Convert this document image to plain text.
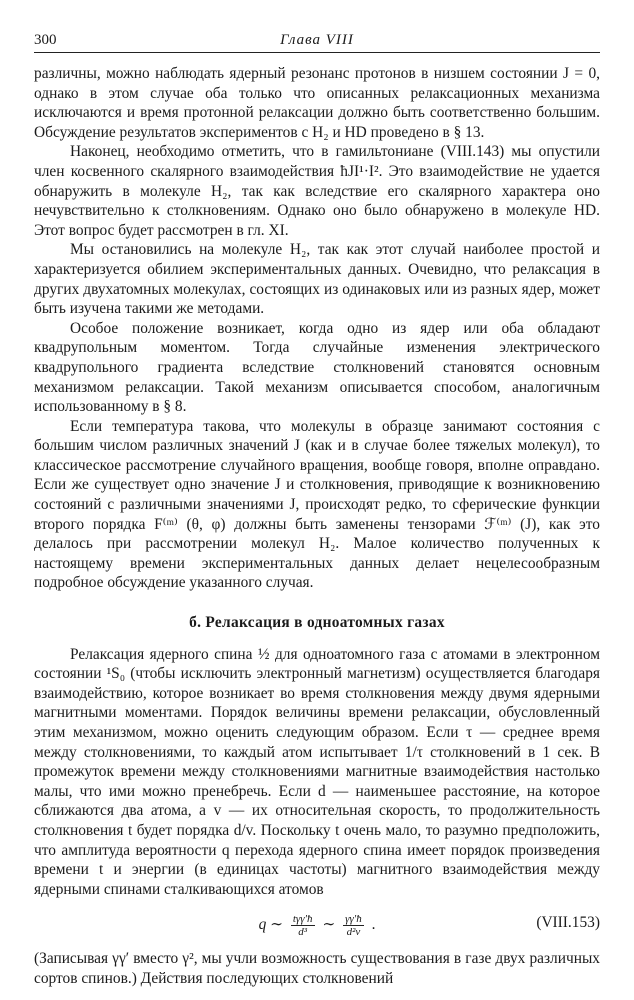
300	Глава VIII

различны, можно наблюдать ядерный резонанс протонов в низшем состоянии J = 0, однако в этом случае оба только что описанных релаксационных механизма исключаются и время протонной релаксации должно быть соответственно большим. Обсуждение результатов экспериментов с H₂ и HD проведено в § 13.

Наконец, необходимо отметить, что в гамильтониане (VIII.143) мы опустили член косвенного скалярного взаимодействия ħJI¹·I². Это взаимодействие не удается обнаружить в молекуле H₂, так как вследствие его скалярного характера оно нечувствительно к столкновениям. Однако оно было обнаружено в молекуле HD. Этот вопрос будет рассмотрен в гл. XI.

Мы остановились на молекуле H₂, так как этот случай наиболее простой и характеризуется обилием экспериментальных данных. Очевидно, что релаксация в других двухатомных молекулах, состоящих из одинаковых или из разных ядер, может быть изучена такими же методами.

Особое положение возникает, когда одно из ядер или оба обладают квадрупольным моментом. Тогда случайные изменения электрического квадрупольного градиента вследствие столкновений становятся основным механизмом релаксации. Такой механизм описывается способом, аналогичным использованному в § 8.

Если температура такова, что молекулы в образце занимают состояния с большим числом различных значений J (как и в случае более тяжелых молекул), то классическое рассмотрение случайного вращения, вообще говоря, вполне оправдано. Если же существует одно значение J и столкновения, приводящие к возникновению состояний с различными значениями J, происходят редко, то сферические функции второго порядка F⁽ᵐ⁾ (θ, φ) должны быть заменены тензорами ℱ⁽ᵐ⁾ (J), как это делалось при рассмотрении молекул H₂. Малое количество полученных к настоящему времени экспериментальных данных делает нецелесообразным подробное обсуждение указанного случая.

б. Релаксация в одноатомных газах

Релаксация ядерного спина ½ для одноатомного газа с атомами в электронном состоянии ¹S₀ (чтобы исключить электронный магнетизм) осуществляется благодаря взаимодействию, которое возникает во время столкновения между двумя ядерными магнитными моментами. Порядок величины времени релаксации, обусловленный этим механизмом, можно оценить следующим образом. Если τ — среднее время между столкновениями, то каждый атом испытывает 1/τ столкновений в 1 сек. В промежуток времени между столкновениями магнитные взаимодействия настолько малы, что ими можно пренебречь. Если d — наименьшее расстояние, на которое сближаются два атома, а v — их относительная скорость, то продолжительность столкновения t будет порядка d/v. Поскольку t очень мало, то разумно предположить, что амплитуда вероятности q перехода ядерного спина имеет порядок произведения времени t и энергии (в единицах частоты) магнитного взаимодействия между ядерными спинами сталкивающихся атомов

q ∼ $\frac{\text{tγγ′ħ}}{\text{d³}}$ ∼ $\frac{\gamma\gamma'ħ}{\text{d²v}}$ .	(VIII.153)

(Записывая γγ′ вместо γ², мы учли возможность существования в газе двух различных сортов спинов.) Действия последующих столкновений
